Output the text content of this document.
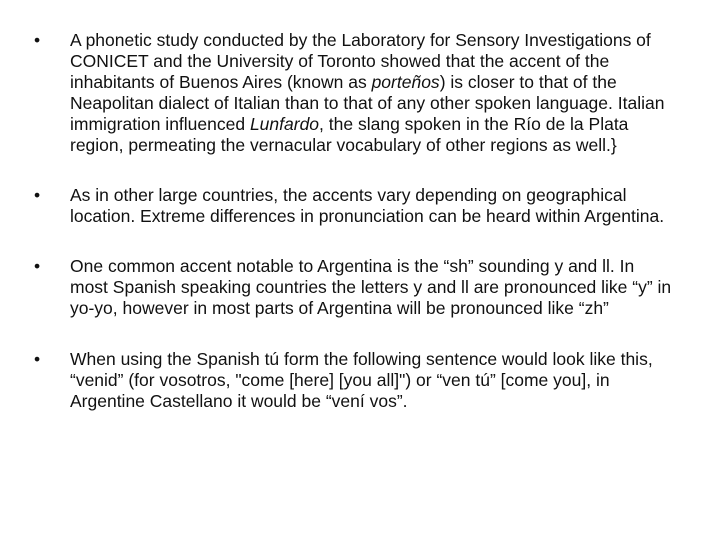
•	A phonetic study conducted by the Laboratory for Sensory Investigations of CONICET and the University of Toronto showed that the accent of the inhabitants of Buenos Aires (known as porteños) is closer to that of the Neapolitan dialect of Italian than to that of any other spoken language. Italian immigration influenced Lunfardo, the slang spoken in the Río de la Plata region, permeating the vernacular vocabulary of other regions as well.}
•	As in other large countries, the accents vary depending on geographical location. Extreme differences in pronunciation can be heard within Argentina.
•	One common accent notable to Argentina is the “sh” sounding y and ll. In most Spanish speaking countries the letters y and ll are pronounced like “y” in yo-yo, however in most parts of Argentina will be pronounced like “zh”
•	When using the Spanish tú form the following sentence would look like this, “venid” (for vosotros, "come [here] [you all]") or “ven tú” [come you], in Argentine Castellano it would be “vení vos”.
